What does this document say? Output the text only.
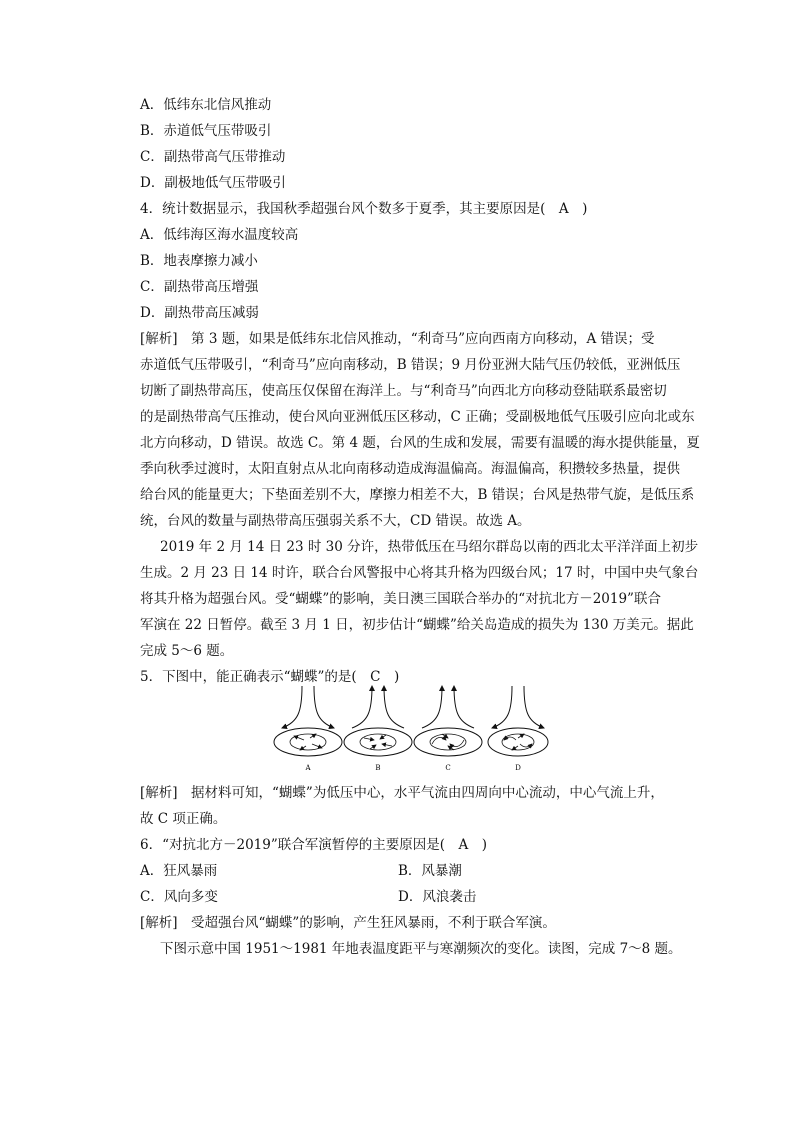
A．低纬东北信风推动
B．赤道低气压带吸引
C．副热带高气压带推动
D．副极地低气压带吸引
4．统计数据显示，我国秋季超强台风个数多于夏季，其主要原因是(　A　)
A．低纬海区海水温度较高
B．地表摩擦力减小
C．副热带高压增强
D．副热带高压减弱
[解析]　第 3 题，如果是低纬东北信风推动，“利奇马”应向西南方向移动，A 错误；受
赤道低气压带吸引，“利奇马”应向南移动，B 错误；9 月份亚洲大陆气压仍较低，亚洲低压
切断了副热带高压，使高压仅保留在海洋上。与“利奇马”向西北方向移动登陆联系最密切
的是副热带高气压推动，使台风向亚洲低压区移动，C 正确；受副极地低气压吸引应向北或东
北方向移动，D 错误。故选 C。第 4 题，台风的生成和发展，需要有温暖的海水提供能量，夏
季向秋季过渡时，太阳直射点从北向南移动造成海温偏高。海温偏高，积攒较多热量，提供
给台风的能量更大；下垫面差别不大，摩擦力相差不大，B 错误；台风是热带气旋，是低压系
统，台风的数量与副热带高压强弱关系不大，CD 错误。故选 A。
2019 年 2 月 14 日 23 时 30 分许，热带低压在马绍尔群岛以南的西北太平洋洋面上初步
生成。2 月 23 日 14 时许，联合台风警报中心将其升格为四级台风；17 时，中国中央气象台
将其升格为超强台风。受“蝴蝶”的影响，美日澳三国联合举办的“对抗北方－2019”联合
军演在 22 日暂停。截至 3 月 1 日，初步估计“蝴蝶”给关岛造成的损失为 130 万美元。据此
完成 5～6 题。
5．下图中，能正确表示“蝴蝶”的是(　C　)
A	B	C	D
[解析]　据材料可知，“蝴蝶”为低压中心，水平气流由四周向中心流动，中心气流上升，
故 C 项正确。
6．“对抗北方－2019”联合军演暂停的主要原因是(　A　)
A．狂风暴雨	B．风暴潮
C．风向多变	D．风浪袭击
[解析]　受超强台风“蝴蝶”的影响，产生狂风暴雨，不利于联合军演。
下图示意中国 1951～1981 年地表温度距平与寒潮频次的变化。读图，完成 7～8 题。
